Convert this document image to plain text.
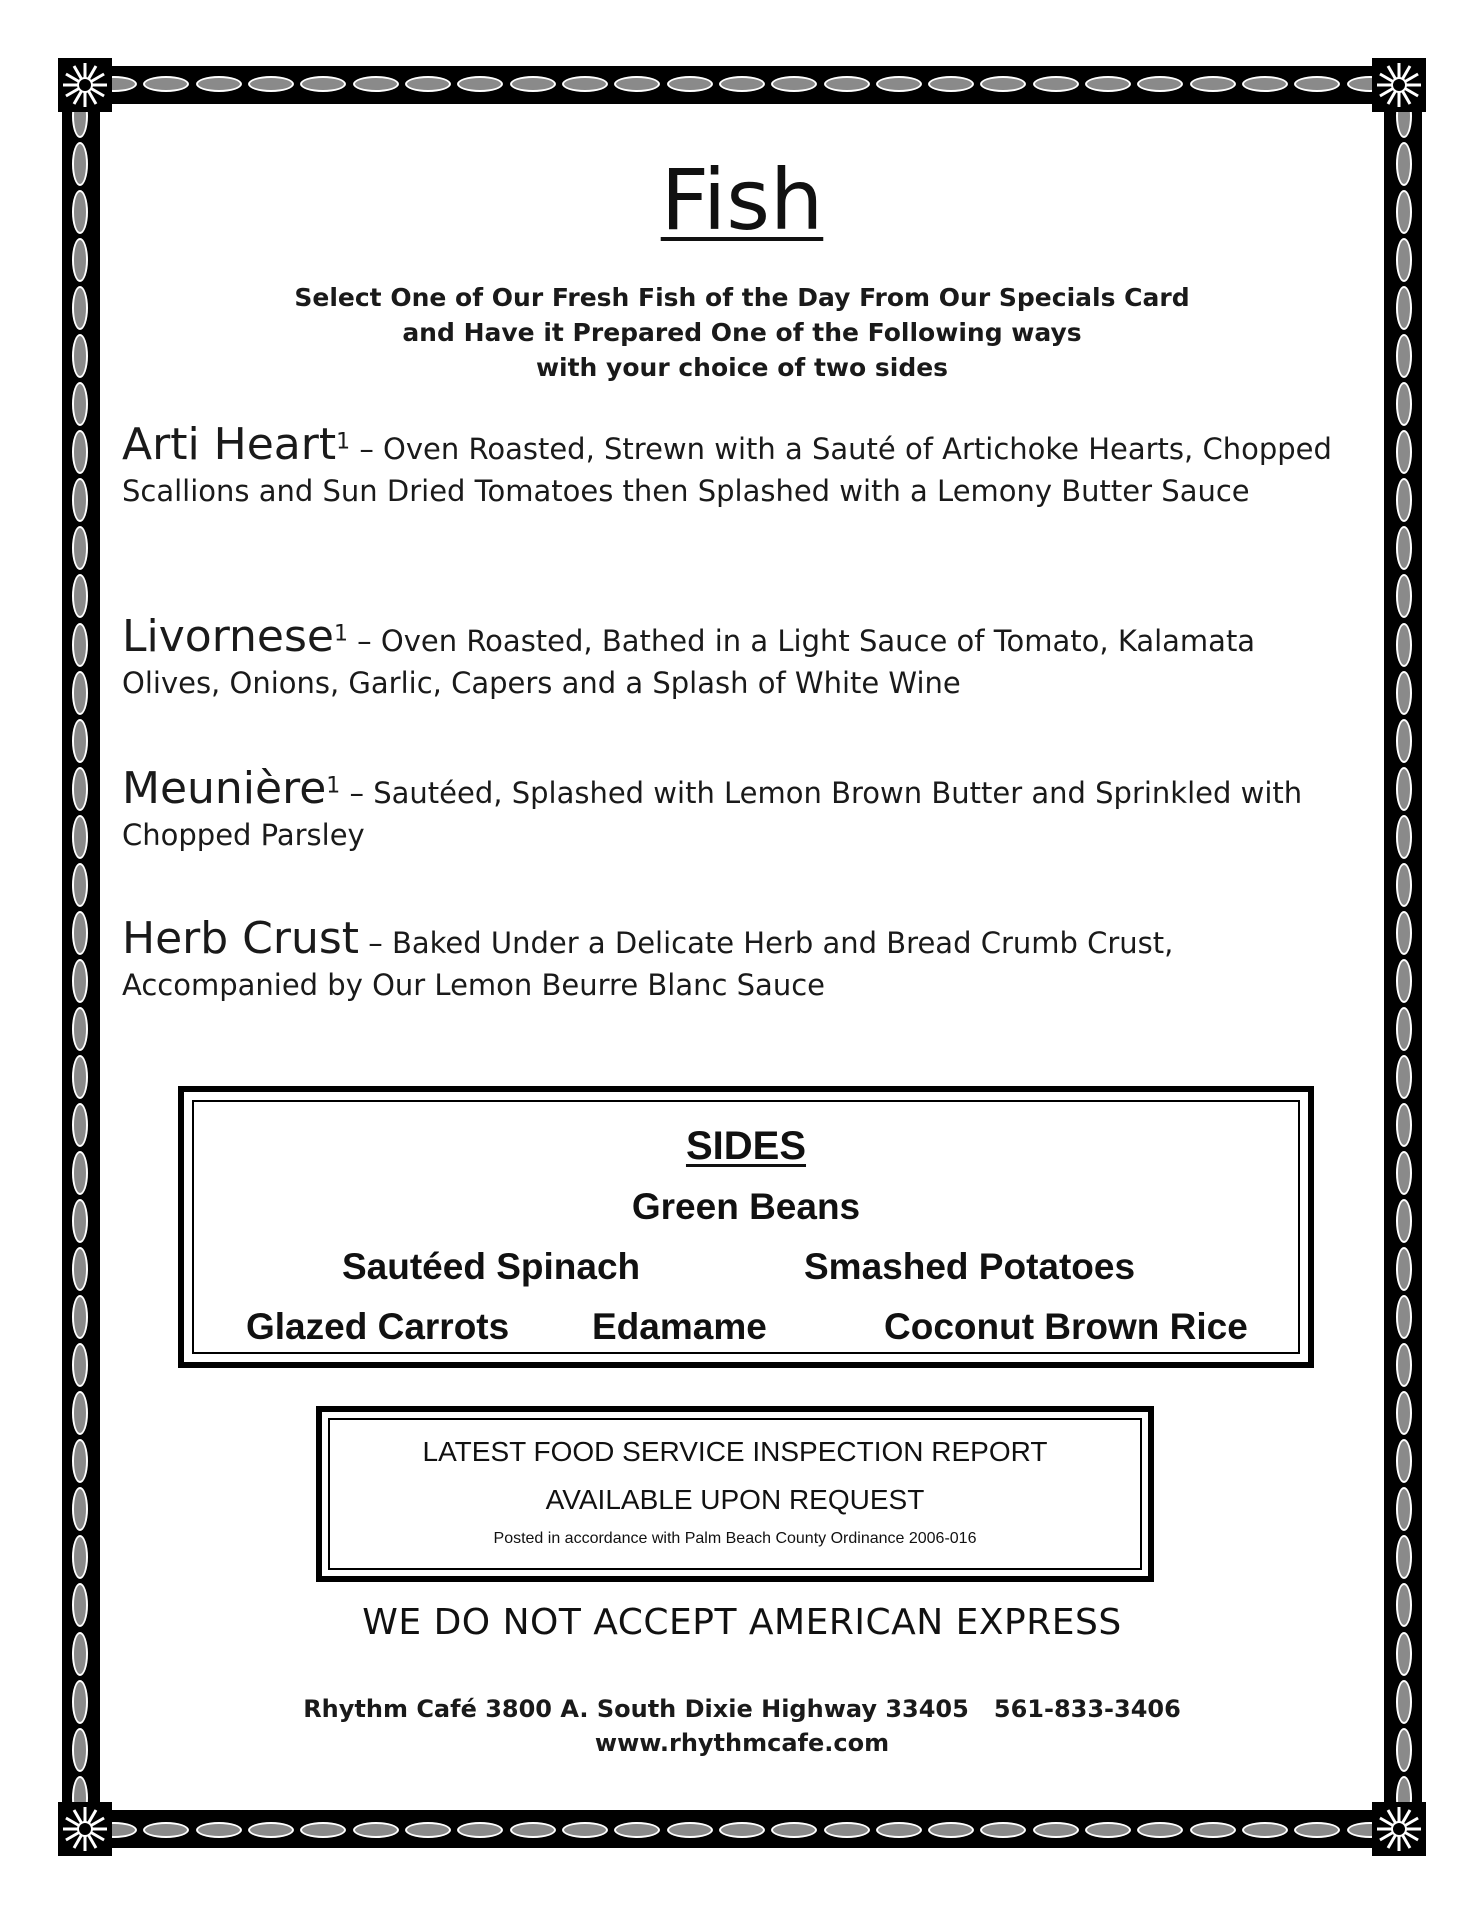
Fish
Select One of Our Fresh Fish of the Day From Our Specials Card
and Have it Prepared One of the Following ways
with your choice of two sides
Arti Heart$^1$ – Oven Roasted, Strewn with a Sauté of Artichoke Hearts, Chopped Scallions and Sun Dried Tomatoes then Splashed with a Lemony Butter Sauce
Livornese$^1$ – Oven Roasted, Bathed in a Light Sauce of Tomato, Kalamata Olives, Onions, Garlic, Capers and a Splash of White Wine
Meunière$^1$ – Sautéed, Splashed with Lemon Brown Butter and Sprinkled with Chopped Parsley
Herb Crust – Baked Under a Delicate Herb and Bread Crumb Crust, Accompanied by Our Lemon Beurre Blanc Sauce
SIDES
Green Beans
Sautéed Spinach	Smashed Potatoes
Glazed Carrots Edamame	Coconut Brown Rice
LATEST FOOD SERVICE INSPECTION REPORT
AVAILABLE UPON REQUEST
Posted in accordance with Palm Beach County Ordinance 2006-016
WE DO NOT ACCEPT AMERICAN EXPRESS
Rhythm Café 3800 A. South Dixie Highway 33405   561-833-3406
www.rhythmcafe.com
